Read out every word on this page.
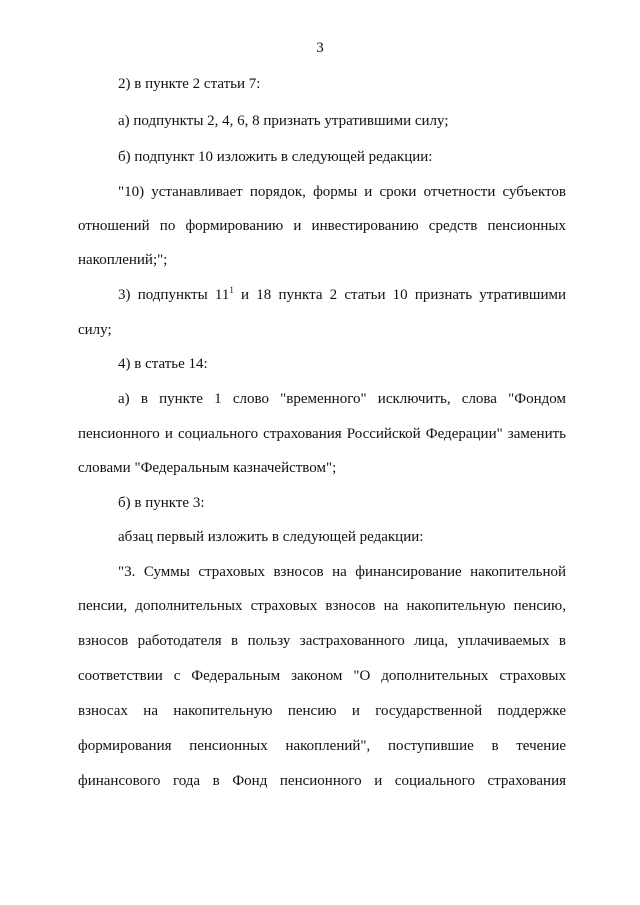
3
2) в пункте 2 статьи 7:
а) подпункты 2, 4, 6, 8 признать утратившими силу;
б) подпункт 10 изложить в следующей редакции:
"10) устанавливает порядок, формы и сроки отчетности субъектов
отношений по формированию и инвестированию средств пенсионных
накоплений;";
3) подпункты $11^1$ и 18 пункта 2 статьи 10 признать утратившими
силу;
4) в статье 14:
а) в пункте 1 слово "временного" исключить, слова "Фондом
пенсионного и социального страхования Российской Федерации" заменить
словами "Федеральным казначейством";
б) в пункте 3:
абзац первый изложить в следующей редакции:
"3. Суммы страховых взносов на финансирование накопительной
пенсии, дополнительных страховых взносов на накопительную пенсию,
взносов работодателя в пользу застрахованного лица, уплачиваемых в
соответствии с Федеральным законом "О дополнительных страховых
взносах на накопительную пенсию и государственной поддержке
формирования пенсионных накоплений", поступившие в течение
финансового года в Фонд пенсионного и социального страхования
